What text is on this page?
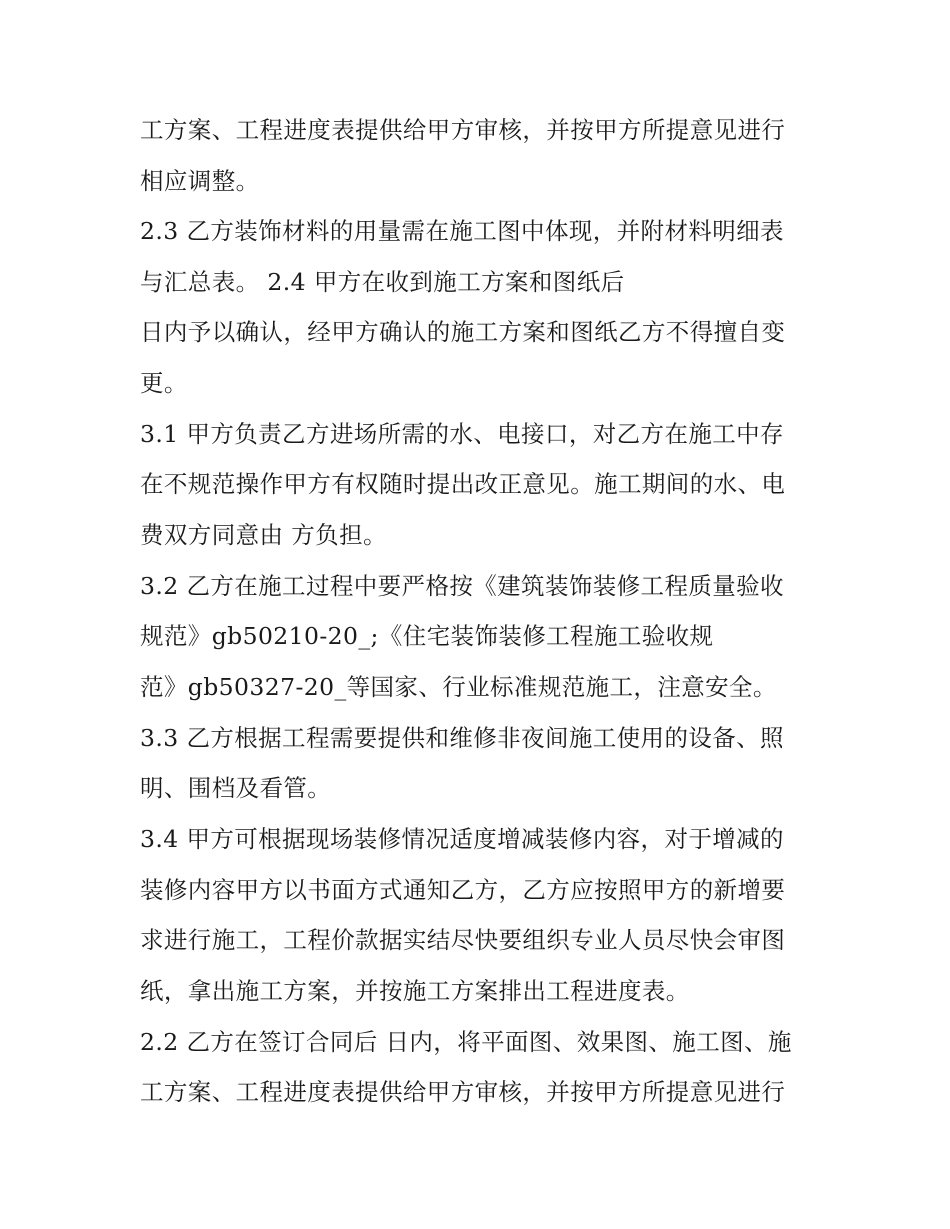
工方案、工程进度表提供给甲方审核，并按甲方所提意见进行
相应调整。
2.3 乙方装饰材料的用量需在施工图中体现，并附材料明细表
与汇总表。 2.4 甲方在收到施工方案和图纸后
日内予以确认，经甲方确认的施工方案和图纸乙方不得擅自变
更。
3.1 甲方负责乙方进场所需的水、电接口，对乙方在施工中存
在不规范操作甲方有权随时提出改正意见。施工期间的水、电
费双方同意由 方负担。
3.2 乙方在施工过程中要严格按《建筑装饰装修工程质量验收
规范》gb50210-20_;《住宅装饰装修工程施工验收规
范》gb50327-20_等国家、行业标准规范施工，注意安全。
3.3 乙方根据工程需要提供和维修非夜间施工使用的设备、照
明、围档及看管。
3.4 甲方可根据现场装修情况适度增减装修内容，对于增减的
装修内容甲方以书面方式通知乙方，乙方应按照甲方的新增要
求进行施工，工程价款据实结尽快要组织专业人员尽快会审图
纸，拿出施工方案，并按施工方案排出工程进度表。
2.2 乙方在签订合同后 日内，将平面图、效果图、施工图、施
工方案、工程进度表提供给甲方审核，并按甲方所提意见进行
